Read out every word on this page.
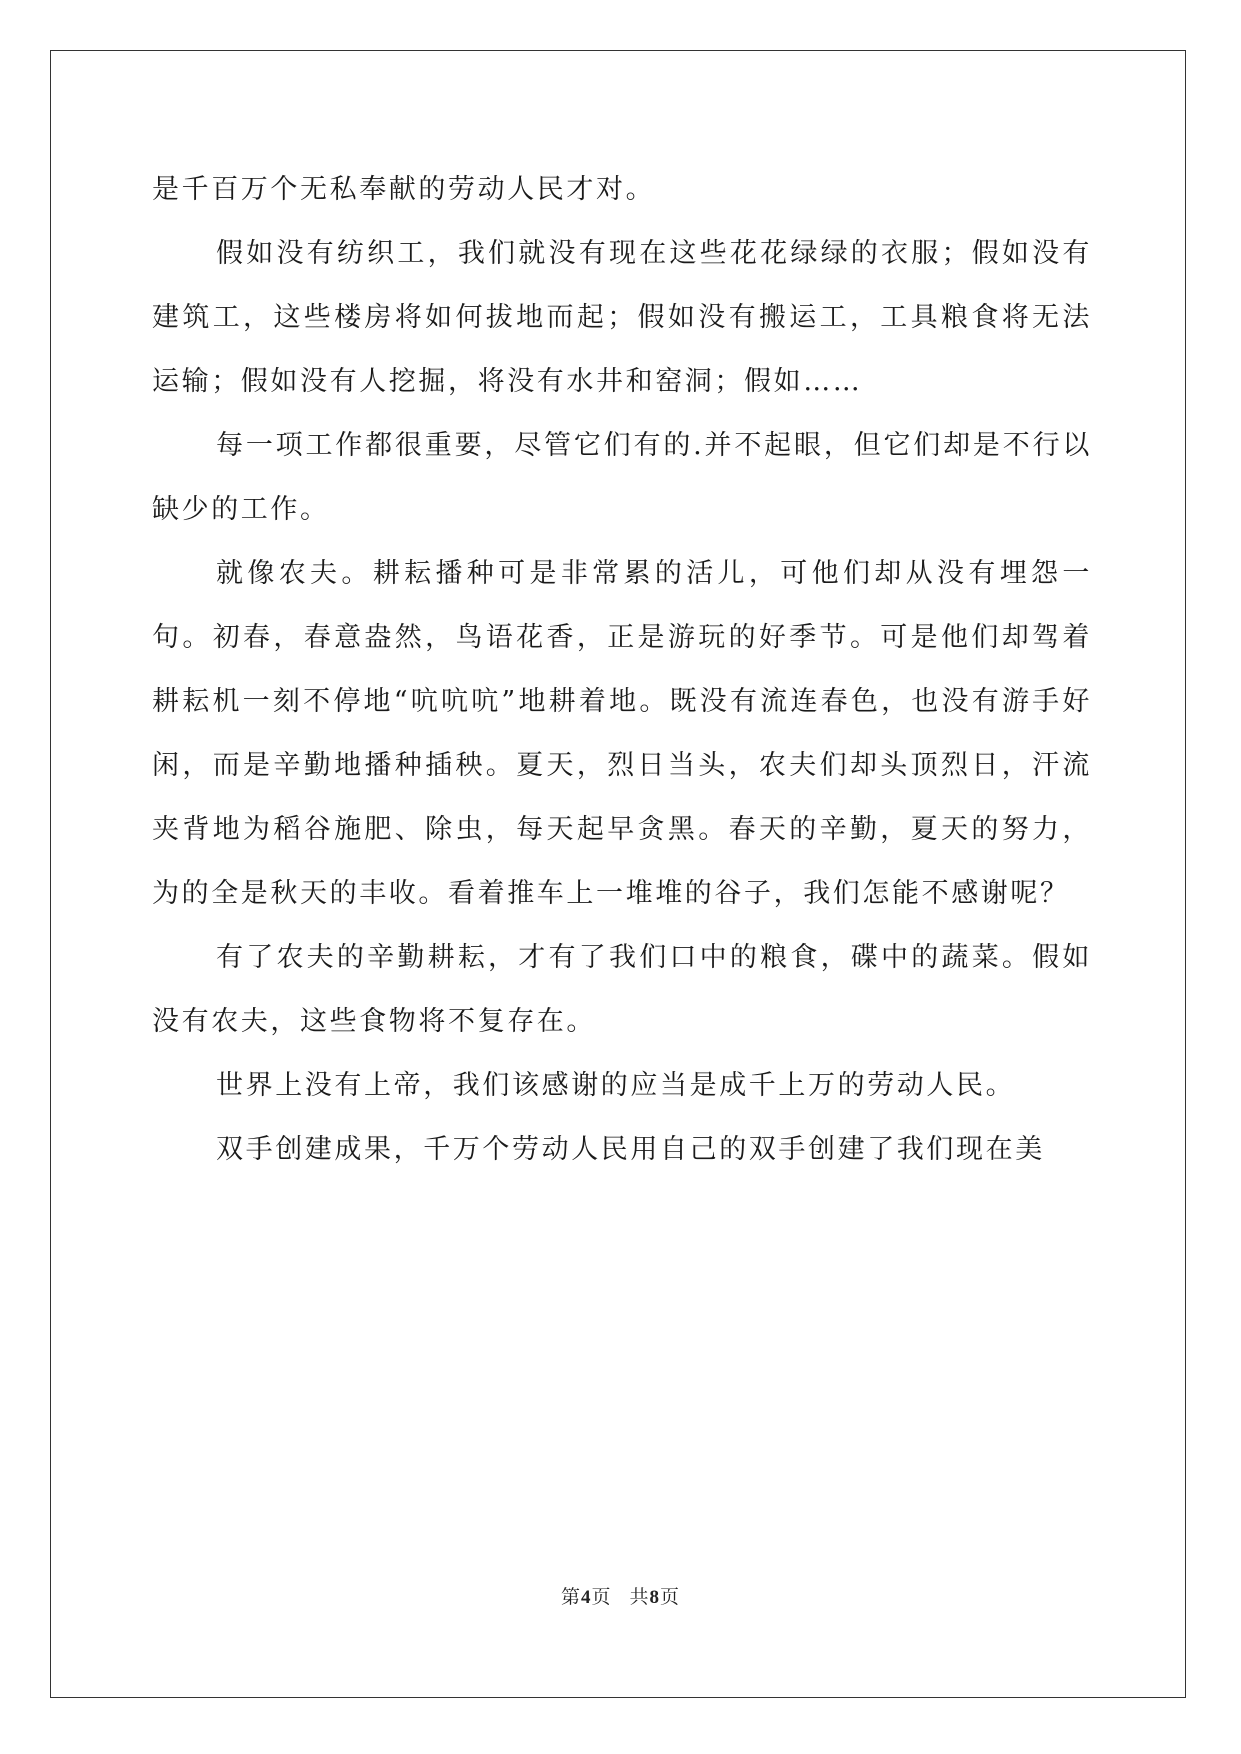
是千百万个无私奉献的劳动人民才对。

假如没有纺织工，我们就没有现在这些花花绿绿的衣服；假如没有建筑工，这些楼房将如何拔地而起；假如没有搬运工，工具粮食将无法运输；假如没有人挖掘，将没有水井和窑洞；假如……

每一项工作都很重要，尽管它们有的.并不起眼，但它们却是不行以缺少的工作。

就像农夫。耕耘播种可是非常累的活儿，可他们却从没有埋怨一句。初春，春意盎然，鸟语花香，正是游玩的好季节。可是他们却驾着耕耘机一刻不停地“吭吭吭”地耕着地。既没有流连春色，也没有游手好闲，而是辛勤地播种插秧。夏天，烈日当头，农夫们却头顶烈日，汗流夹背地为稻谷施肥、除虫，每天起早贪黑。春天的辛勤，夏天的努力，为的全是秋天的丰收。看着推车上一堆堆的谷子，我们怎能不感谢呢？

有了农夫的辛勤耕耘，才有了我们口中的粮食，碟中的蔬菜。假如没有农夫，这些食物将不复存在。

世界上没有上帝，我们该感谢的应当是成千上万的劳动人民。

双手创建成果，千万个劳动人民用自己的双手创建了我们现在美

第4页 共8页
